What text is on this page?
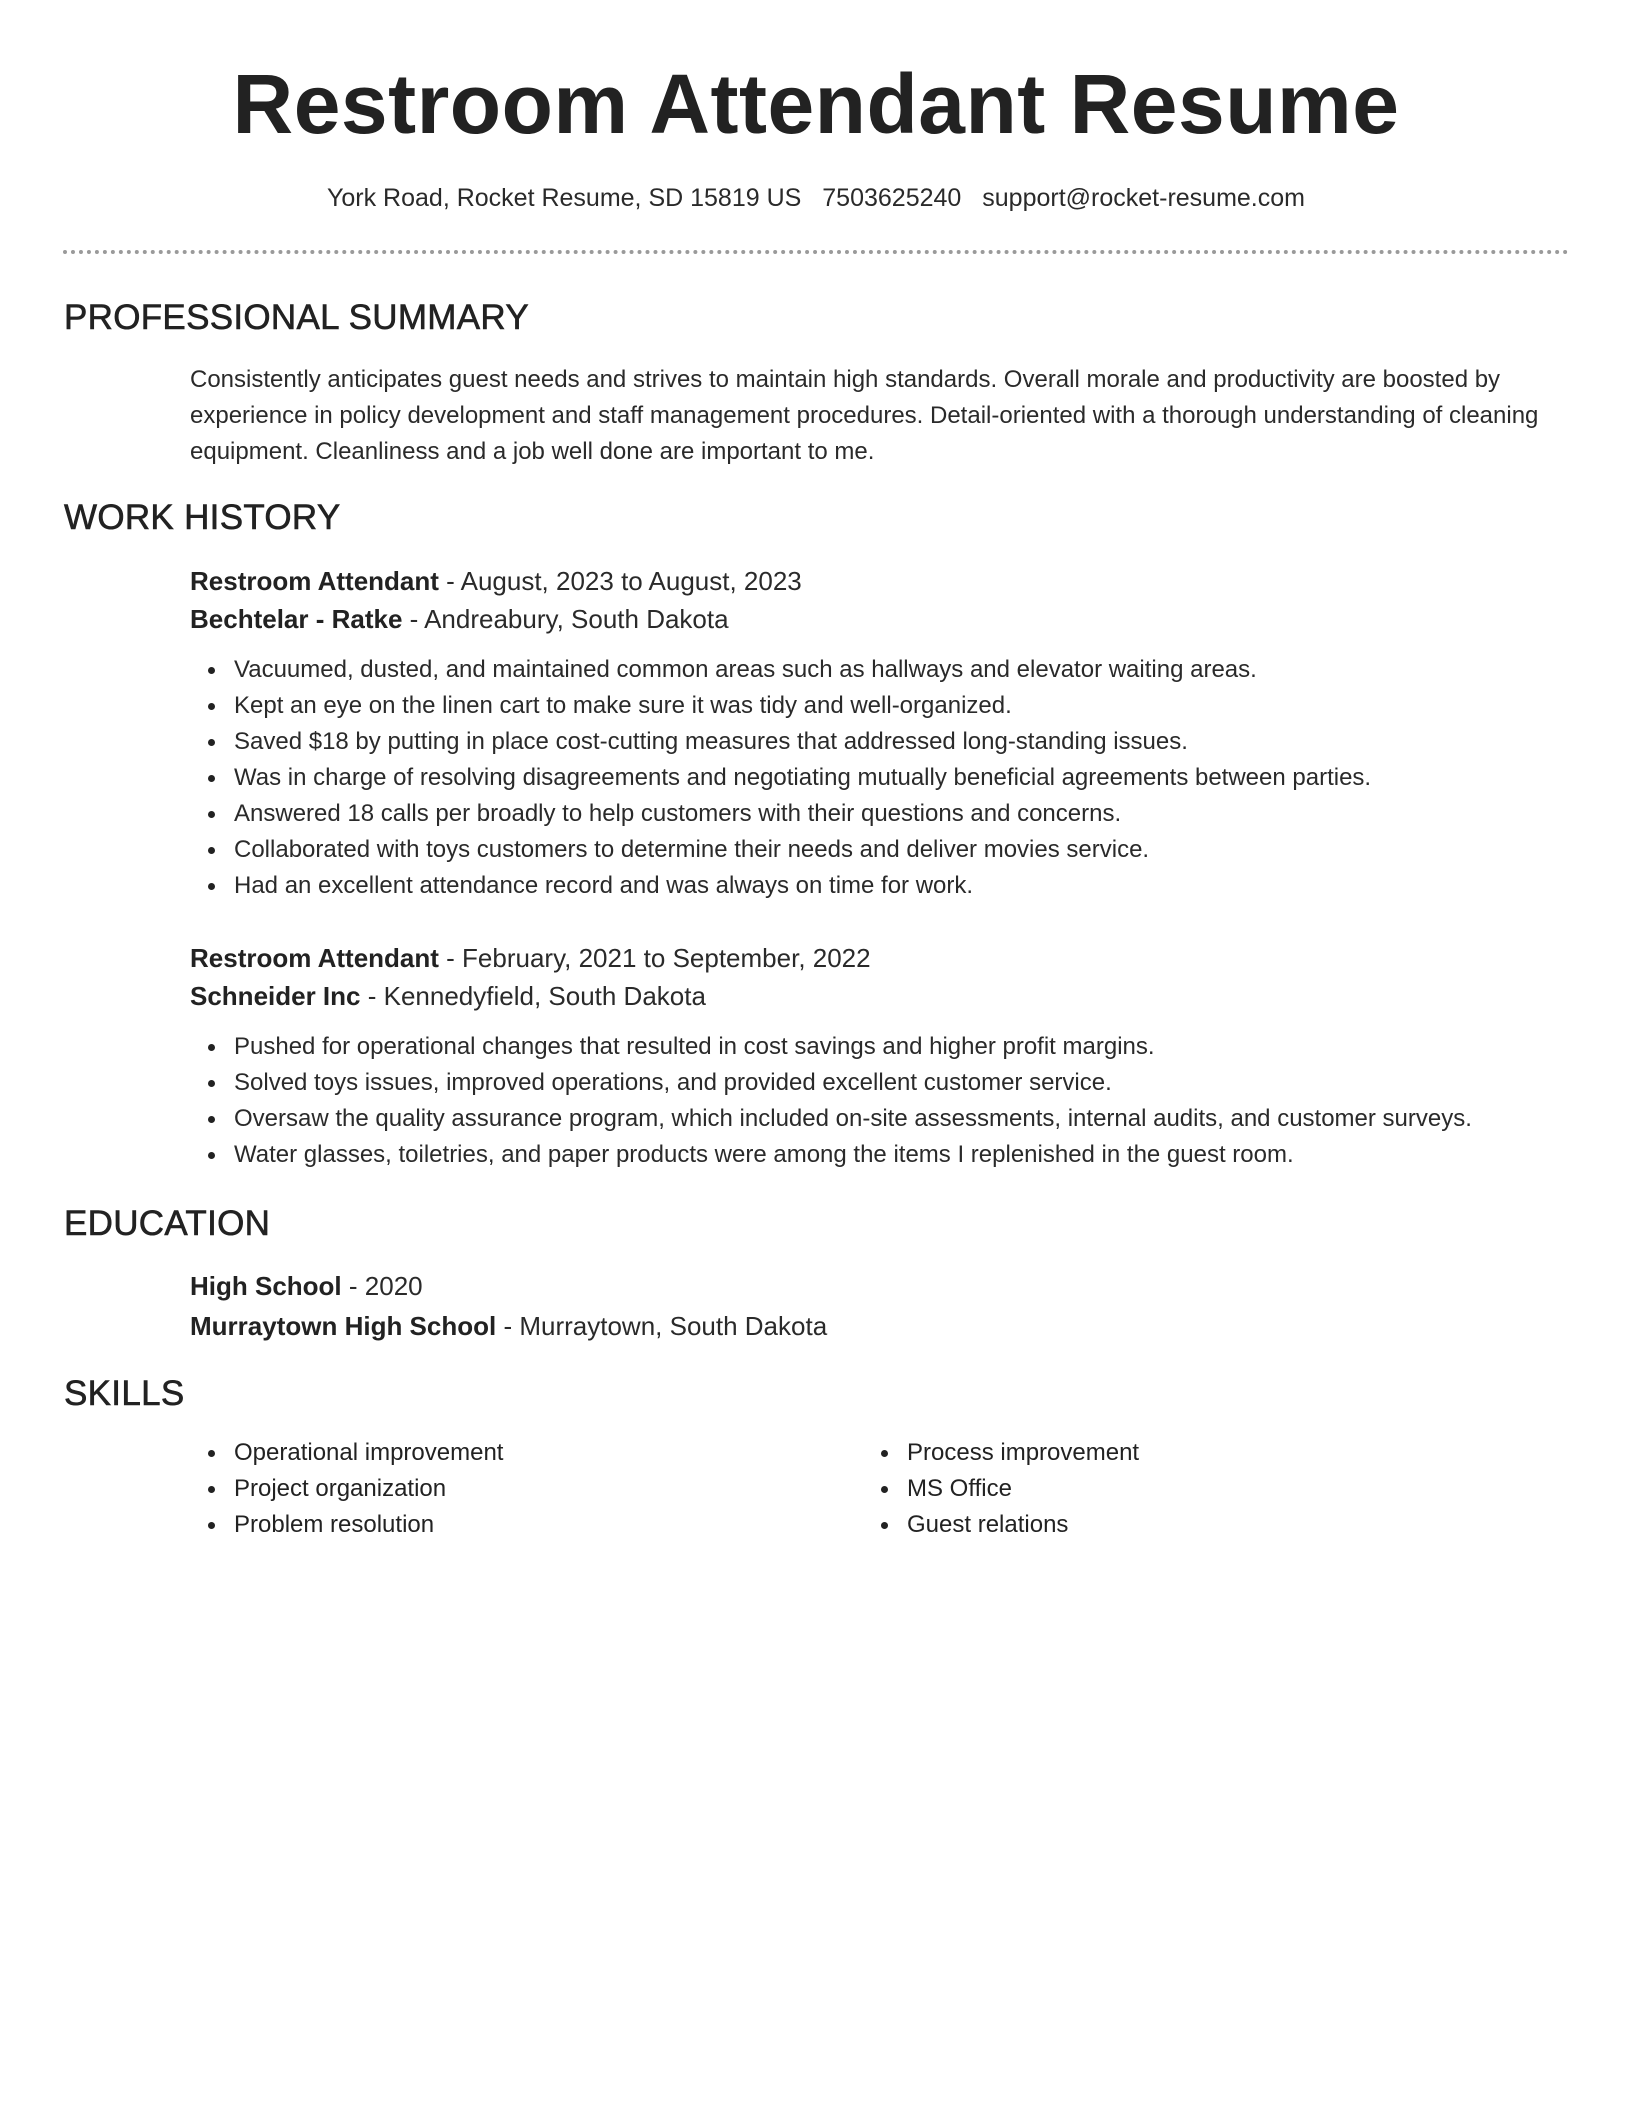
Restroom Attendant Resume
York Road, Rocket Resume, SD 15819 US 7503625240 support@rocket-resume.com
PROFESSIONAL SUMMARY
Consistently anticipates guest needs and strives to maintain high standards. Overall morale and productivity are boosted by experience in policy development and staff management procedures. Detail-oriented with a thorough understanding of cleaning equipment. Cleanliness and a job well done are important to me.
WORK HISTORY
Restroom Attendant - August, 2023 to August, 2023
Bechtelar - Ratke - Andreabury, South Dakota
Vacuumed, dusted, and maintained common areas such as hallways and elevator waiting areas.
Kept an eye on the linen cart to make sure it was tidy and well-organized.
Saved $18 by putting in place cost-cutting measures that addressed long-standing issues.
Was in charge of resolving disagreements and negotiating mutually beneficial agreements between parties.
Answered 18 calls per broadly to help customers with their questions and concerns.
Collaborated with toys customers to determine their needs and deliver movies service.
Had an excellent attendance record and was always on time for work.
Restroom Attendant - February, 2021 to September, 2022
Schneider Inc - Kennedyfield, South Dakota
Pushed for operational changes that resulted in cost savings and higher profit margins.
Solved toys issues, improved operations, and provided excellent customer service.
Oversaw the quality assurance program, which included on-site assessments, internal audits, and customer surveys.
Water glasses, toiletries, and paper products were among the items I replenished in the guest room.
EDUCATION
High School - 2020
Murraytown High School - Murraytown, South Dakota
SKILLS
Operational improvement
Project organization
Problem resolution
Process improvement
MS Office
Guest relations
